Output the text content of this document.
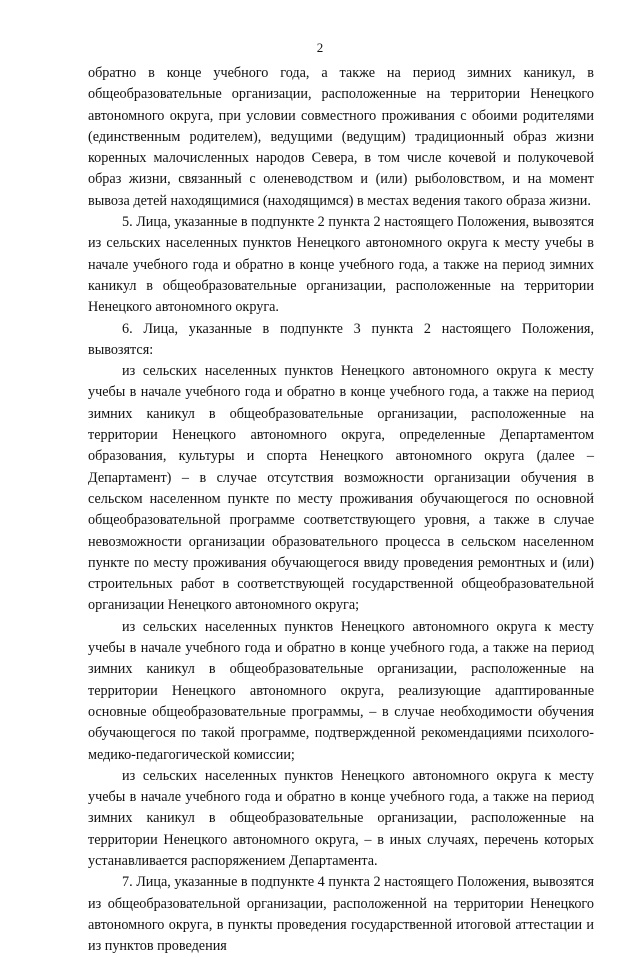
2

обратно в конце учебного года, а также на период зимних каникул, в общеобразовательные организации, расположенные на территории Ненецкого автономного округа, при условии совместного проживания с обоими родителями (единственным родителем), ведущими (ведущим) традиционный образ жизни коренных малочисленных народов Севера, в том числе кочевой и полукочевой образ жизни, связанный с оленеводством и (или) рыболовством, и на момент вывоза детей находящимися (находящимся) в местах ведения такого образа жизни.

5. Лица, указанные в подпункте 2 пункта 2 настоящего Положения, вывозятся из сельских населенных пунктов Ненецкого автономного округа к месту учебы в начале учебного года и обратно в конце учебного года, а также на период зимних каникул в общеобразовательные организации, расположенные на территории Ненецкого автономного округа.

6. Лица, указанные в подпункте 3 пункта 2 настоящего Положения, вывозятся:

из сельских населенных пунктов Ненецкого автономного округа к месту учебы в начале учебного года и обратно в конце учебного года, а также на период зимних каникул в общеобразовательные организации, расположенные на территории Ненецкого автономного округа, определенные Департаментом образования, культуры и спорта Ненецкого автономного округа (далее – Департамент) – в случае отсутствия возможности организации обучения в сельском населенном пункте по месту проживания обучающегося по основной общеобразовательной программе соответствующего уровня, а также в случае невозможности организации образовательного процесса в сельском населенном пункте по месту проживания обучающегося ввиду проведения ремонтных и (или) строительных работ в соответствующей государственной общеобразовательной организации Ненецкого автономного округа;

из сельских населенных пунктов Ненецкого автономного округа к месту учебы в начале учебного года и обратно в конце учебного года, а также на период зимних каникул в общеобразовательные организации, расположенные на территории Ненецкого автономного округа, реализующие адаптированные основные общеобразовательные программы, – в случае необходимости обучения обучающегося по такой программе, подтвержденной рекомендациями психолого-медико-педагогической комиссии;

из сельских населенных пунктов Ненецкого автономного округа к месту учебы в начале учебного года и обратно в конце учебного года, а также на период зимних каникул в общеобразовательные организации, расположенные на территории Ненецкого автономного округа, – в иных случаях, перечень которых устанавливается распоряжением Департамента.

7. Лица, указанные в подпункте 4 пункта 2 настоящего Положения, вывозятся из общеобразовательной организации, расположенной на территории Ненецкого автономного округа, в пункты проведения государственной итоговой аттестации и из пунктов проведения
